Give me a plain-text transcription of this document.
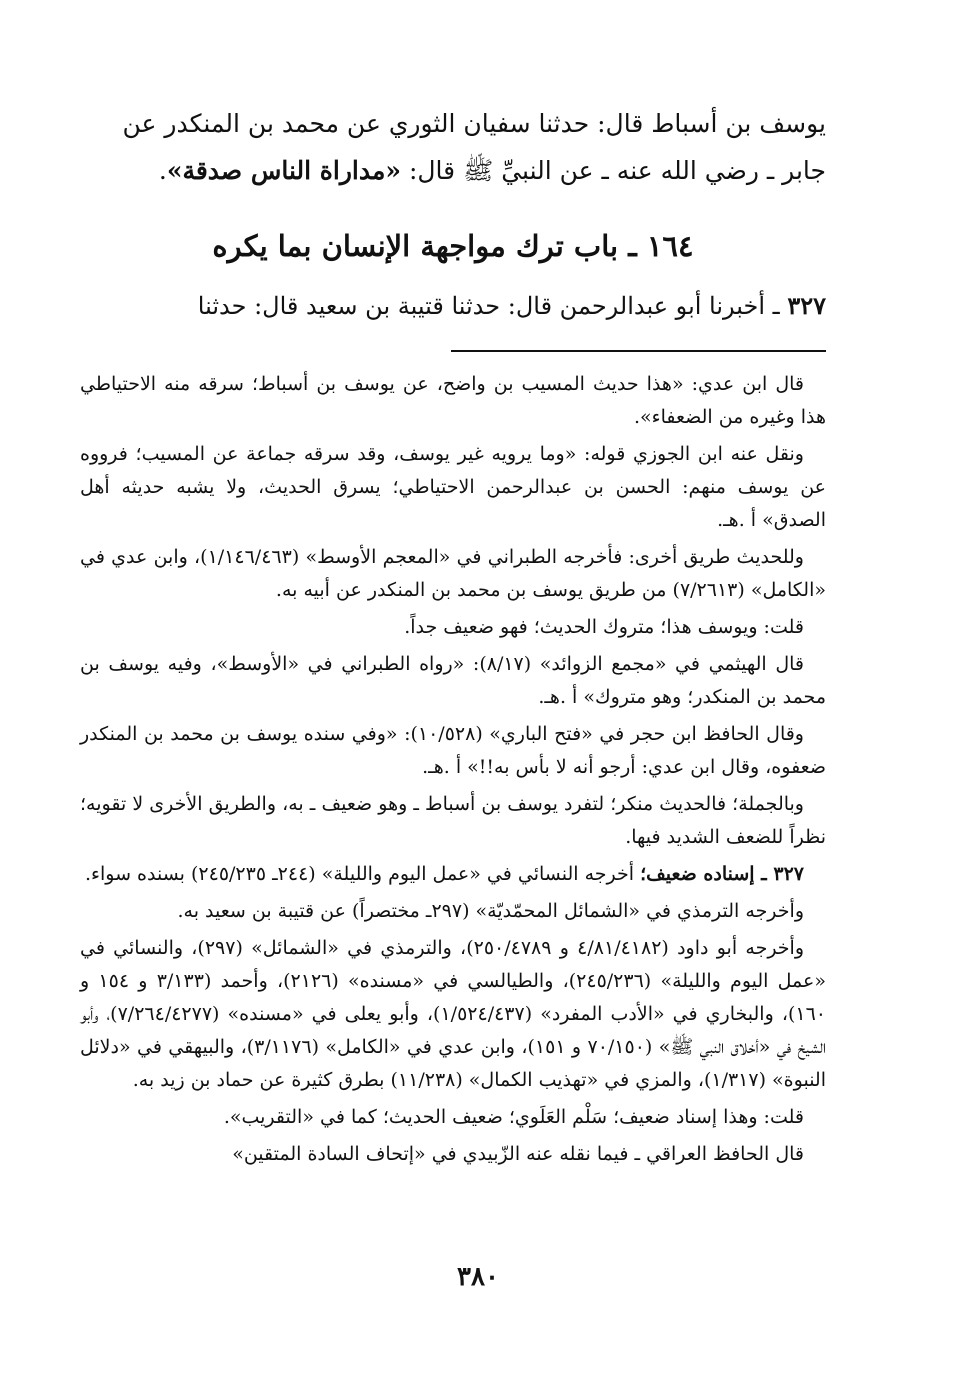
يوسف بن أسباط قال: حدثنا سفيان الثوري عن محمد بن المنكدر عن
جابر ـ رضي الله عنه ـ عن النبيِّ ﷺ قال: «مداراة الناس صدقة».
١٦٤ ـ باب ترك مواجهة الإنسان بما يكره
٣٢٧ ـ أخبرنا أبو عبدالرحمن قال: حدثنا قتيبة بن سعيد قال: حدثنا

قال ابن عدي: «هذا حديث المسيب بن واضح، عن يوسف بن أسباط؛ سرقه منه الاحتياطي هذا وغيره من الضعفاء».

ونقل عنه ابن الجوزي قوله: «وما يرويه غير يوسف، وقد سرقه جماعة عن المسيب؛ فرووه عن يوسف منهم: الحسن بن عبدالرحمن الاحتياطي؛ يسرق الحديث، ولا يشبه حديثه أهل الصدق» أ .هـ.

وللحديث طريق أخرى: فأخرجه الطبراني في «المعجم الأوسط» (١/١٤٦/٤٦٣)، وابن عدي في «الكامل» (٧/٢٦١٣) من طريق يوسف بن محمد بن المنكدر عن أبيه به.

قلت: ويوسف هذا؛ متروك الحديث؛ فهو ضعيف جداً.

قال الهيثمي في «مجمع الزوائد» (٨/١٧): «رواه الطبراني في «الأوسط»، وفيه يوسف بن محمد بن المنكدر؛ وهو متروك» أ .هـ.

وقال الحافظ ابن حجر في «فتح الباري» (١٠/٥٢٨): «وفي سنده يوسف بن محمد بن المنكدر ضعفوه، وقال ابن عدي: أرجو أنه لا بأس به!!» أ .هـ.

وبالجملة؛ فالحديث منكر؛ لتفرد يوسف بن أسباط ـ وهو ضعيف ـ به، والطريق الأخرى لا تقويه؛ نظراً للضعف الشديد فيها.

٣٢٧ ـ إسناده ضعيف؛ أخرجه النسائي في «عمل اليوم والليلة» (٢٤٤ـ ٢٤٥/٢٣٥) بسنده سواء.

وأخرجه الترمذي في «الشمائل المحمّديّة» (٢٩٧ـ مختصراً) عن قتيبة بن سعيد به.

وأخرجه أبو داود (٤/٨١/٤١٨٢ و ٢٥٠/٤٧٨٩)، والترمذي في «الشمائل» (٢٩٧)، والنسائي في «عمل اليوم والليلة» (٢٤٥/٢٣٦)، والطيالسي في «مسنده» (٢١٢٦)، وأحمد (٣/١٣٣ و ١٥٤ و ١٦٠)، والبخاري في «الأدب المفرد» (١/٥٢٤/٤٣٧)، وأبو يعلى في «مسنده» (٧/٢٦٤/٤٢٧٧)، وأبو الشيخ في «أخلاق النبي ﷺ» (٧٠/١٥٠ و ١٥١)، وابن عدي في «الكامل» (٣/١١٧٦)، والبيهقي في «دلائل النبوة» (١/٣١٧)، والمزي في «تهذيب الكمال» (١١/٢٣٨) بطرق كثيرة عن حماد بن زيد به.

قلت: وهذا إسناد ضعيف؛ سَلْم العَلَوي؛ ضعيف الحديث؛ كما في «التقريب».

قال الحافظ العراقي ـ فيما نقله عنه الزّبيدي في «إتحاف السادة المتقين»

٣٨٠
